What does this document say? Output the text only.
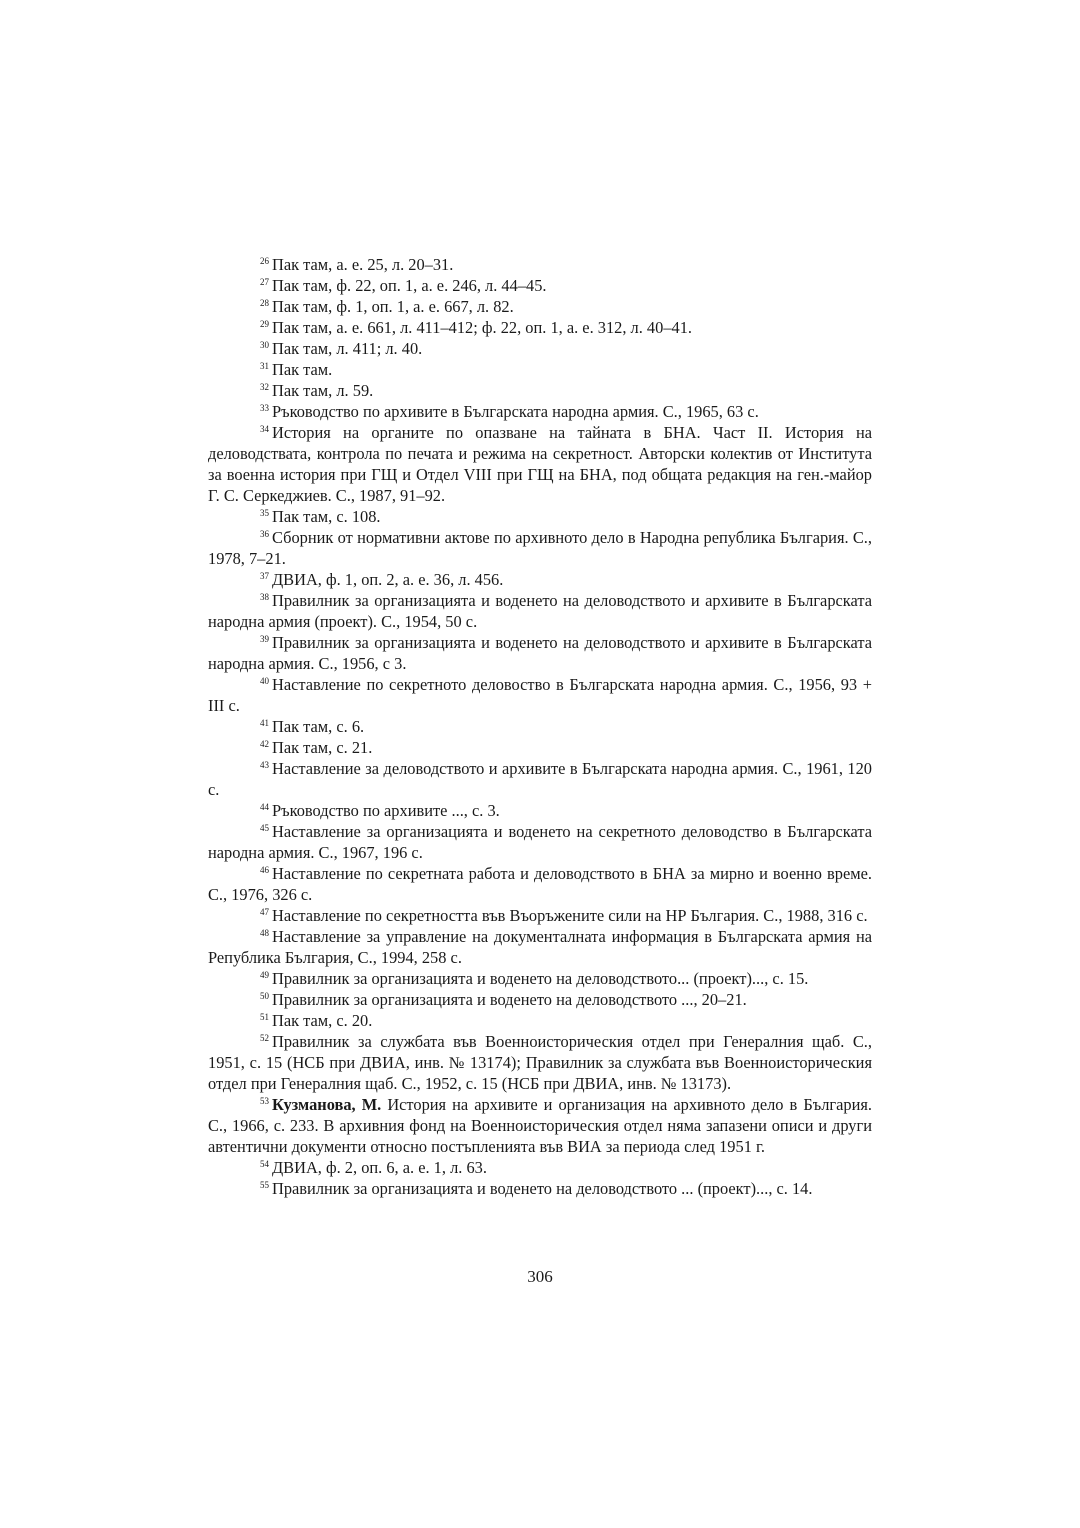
$^{26}$ Пак там, а. е. 25, л. 20–31.

$^{27}$ Пак там, ф. 22, оп. 1, а. е. 246, л. 44–45.

$^{28}$ Пак там, ф. 1, оп. 1, а. е. 667, л. 82.

$^{29}$ Пак там, а. е. 661, л. 411–412; ф. 22, оп. 1, а. е. 312, л. 40–41.

$^{30}$ Пак там, л. 411; л. 40.

$^{31}$ Пак там.

$^{32}$ Пак там, л. 59.

$^{33}$ Ръководство по архивите в Българската народна армия. С., 1965, 63 с.

$^{34}$ История на органите по опазване на тайната в БНА. Част II. История на деловодствата, контрола по печата и режима на секретност. Авторски колектив от Института за военна история при ГЩ и Отдел VIII при ГЩ на БНА, под общата редакция на ген.-майор Г. С. Серкеджиев. С., 1987, 91–92.

$^{35}$ Пак там, с. 108.

$^{36}$ Сборник от нормативни актове по архивното дело в Народна република България. С., 1978, 7–21.

$^{37}$ ДВИА, ф. 1, оп. 2, а. е. 36, л. 456.

$^{38}$ Правилник за организацията и воденето на деловодството и архивите в Българската народна армия (проект). С., 1954, 50 с.

$^{39}$ Правилник за организацията и воденето на деловодството и архивите в Българската народна армия. С., 1956, с 3.

$^{40}$ Наставление по секретното деловоство в Българската народна армия. С., 1956, 93 + III с.

$^{41}$ Пак там, с. 6.

$^{42}$ Пак там, с. 21.

$^{43}$ Наставление за деловодството и архивите в Българската народна армия. С., 1961, 120 с.

$^{44}$ Ръководство по архивите ..., с. 3.

$^{45}$ Наставление за организацията и воденето на секретното деловодство в Българската народна армия. С., 1967, 196 с.

$^{46}$ Наставление по секретната работа и деловодството в БНА за мирно и военно време. С., 1976, 326 с.

$^{47}$ Наставление по секретността във Въоръжените сили на НР България. С., 1988, 316 с.

$^{48}$ Наставление за управление на документалната информация в Българската армия на Република България, С., 1994, 258 с.

$^{49}$ Правилник за организацията и воденето на деловодството... (проект)..., с. 15.

$^{50}$ Правилник за организацията и воденето на деловодството ..., 20–21.

$^{51}$ Пак там, с. 20.

$^{52}$ Правилник за службата във Военноисторическия отдел при Генералния щаб. С., 1951, с. 15 (НСБ при ДВИА, инв. № 13174); Правилник за службата във Военноисторическия отдел при Генералния щаб. С., 1952, с. 15 (НСБ при ДВИА, инв. № 13173).

$^{53}$ Кузманова, М. История на архивите и организация на архивното дело в България. С., 1966, с. 233. В архивния фонд на Военноисторическия отдел няма запазени описи и други автентични документи относно постъпленията във ВИА за периода след 1951 г.

$^{54}$ ДВИА, ф. 2, оп. 6, а. е. 1, л. 63.

$^{55}$ Правилник за организацията и воденето на деловодството ... (проект)..., с. 14.

306
